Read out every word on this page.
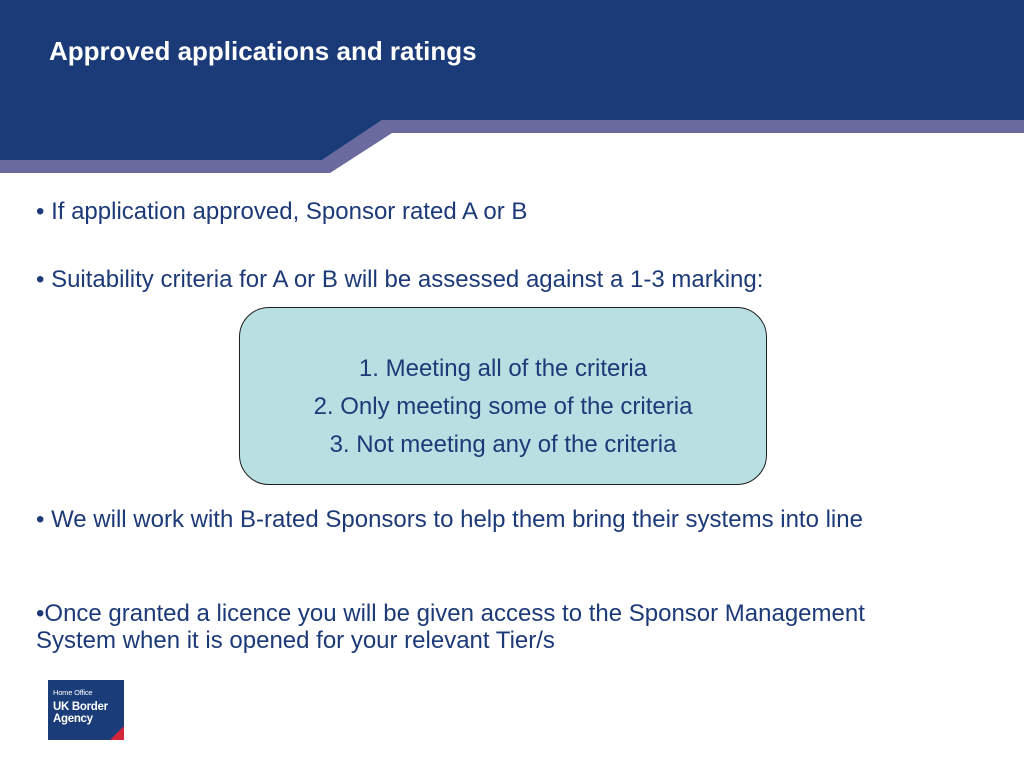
Approved applications and ratings

• If application approved, Sponsor rated A or B

• Suitability criteria for A or B will be assessed against a 1-3 marking:

1. Meeting all of the criteria
2. Only meeting some of the criteria
3. Not meeting any of the criteria

• We will work with B-rated Sponsors to help them bring their systems into line

•Once granted a licence you will be given access to the Sponsor Management System when it is opened for your relevant Tier/s

Home Office
UK Border
Agency
